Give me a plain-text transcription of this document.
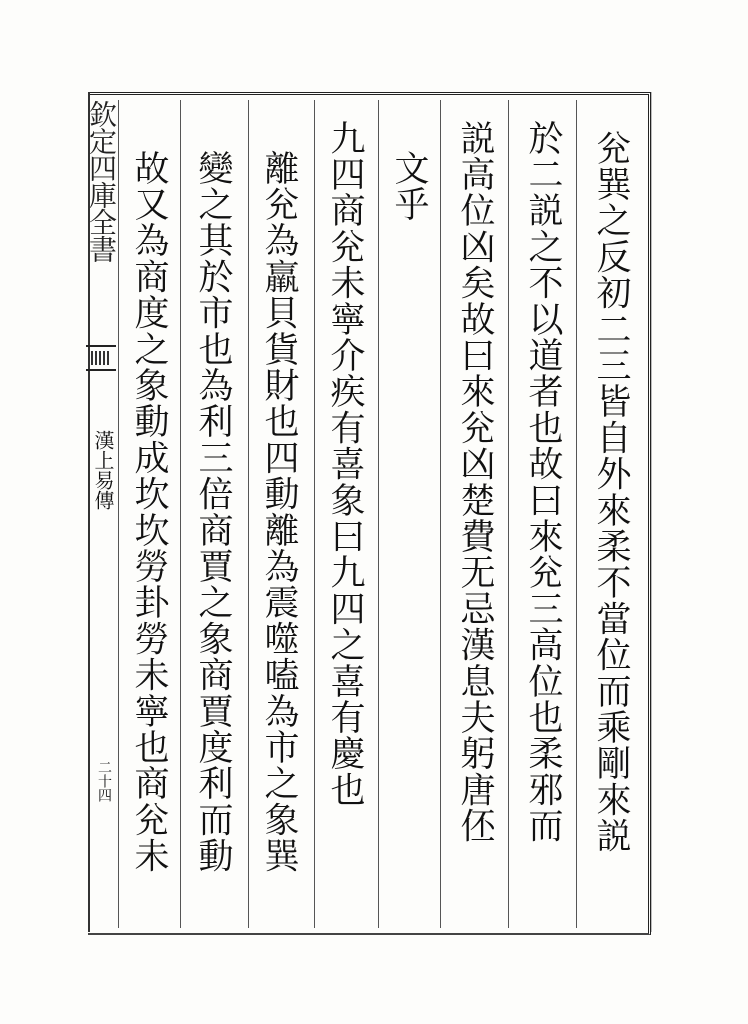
兊巽之反初二三皆自外來柔不當位而乘剛來説
於二説之不以道者也故曰來兊三高位也柔邪而
説高位凶矣故曰來兊凶楚費无忌漢息夫躬唐伾
文乎
九四商兊未寧介疾有喜象曰九四之喜有慶也
離兊為羸貝貨財也四動離為震噬嗑為市之象巽
變之其於市也為利三倍商賈之象商賈度利而動
故又為商度之象動成坎坎勞卦勞未寧也商兊未
欽定四庫全書
漢上易傳
二十四
